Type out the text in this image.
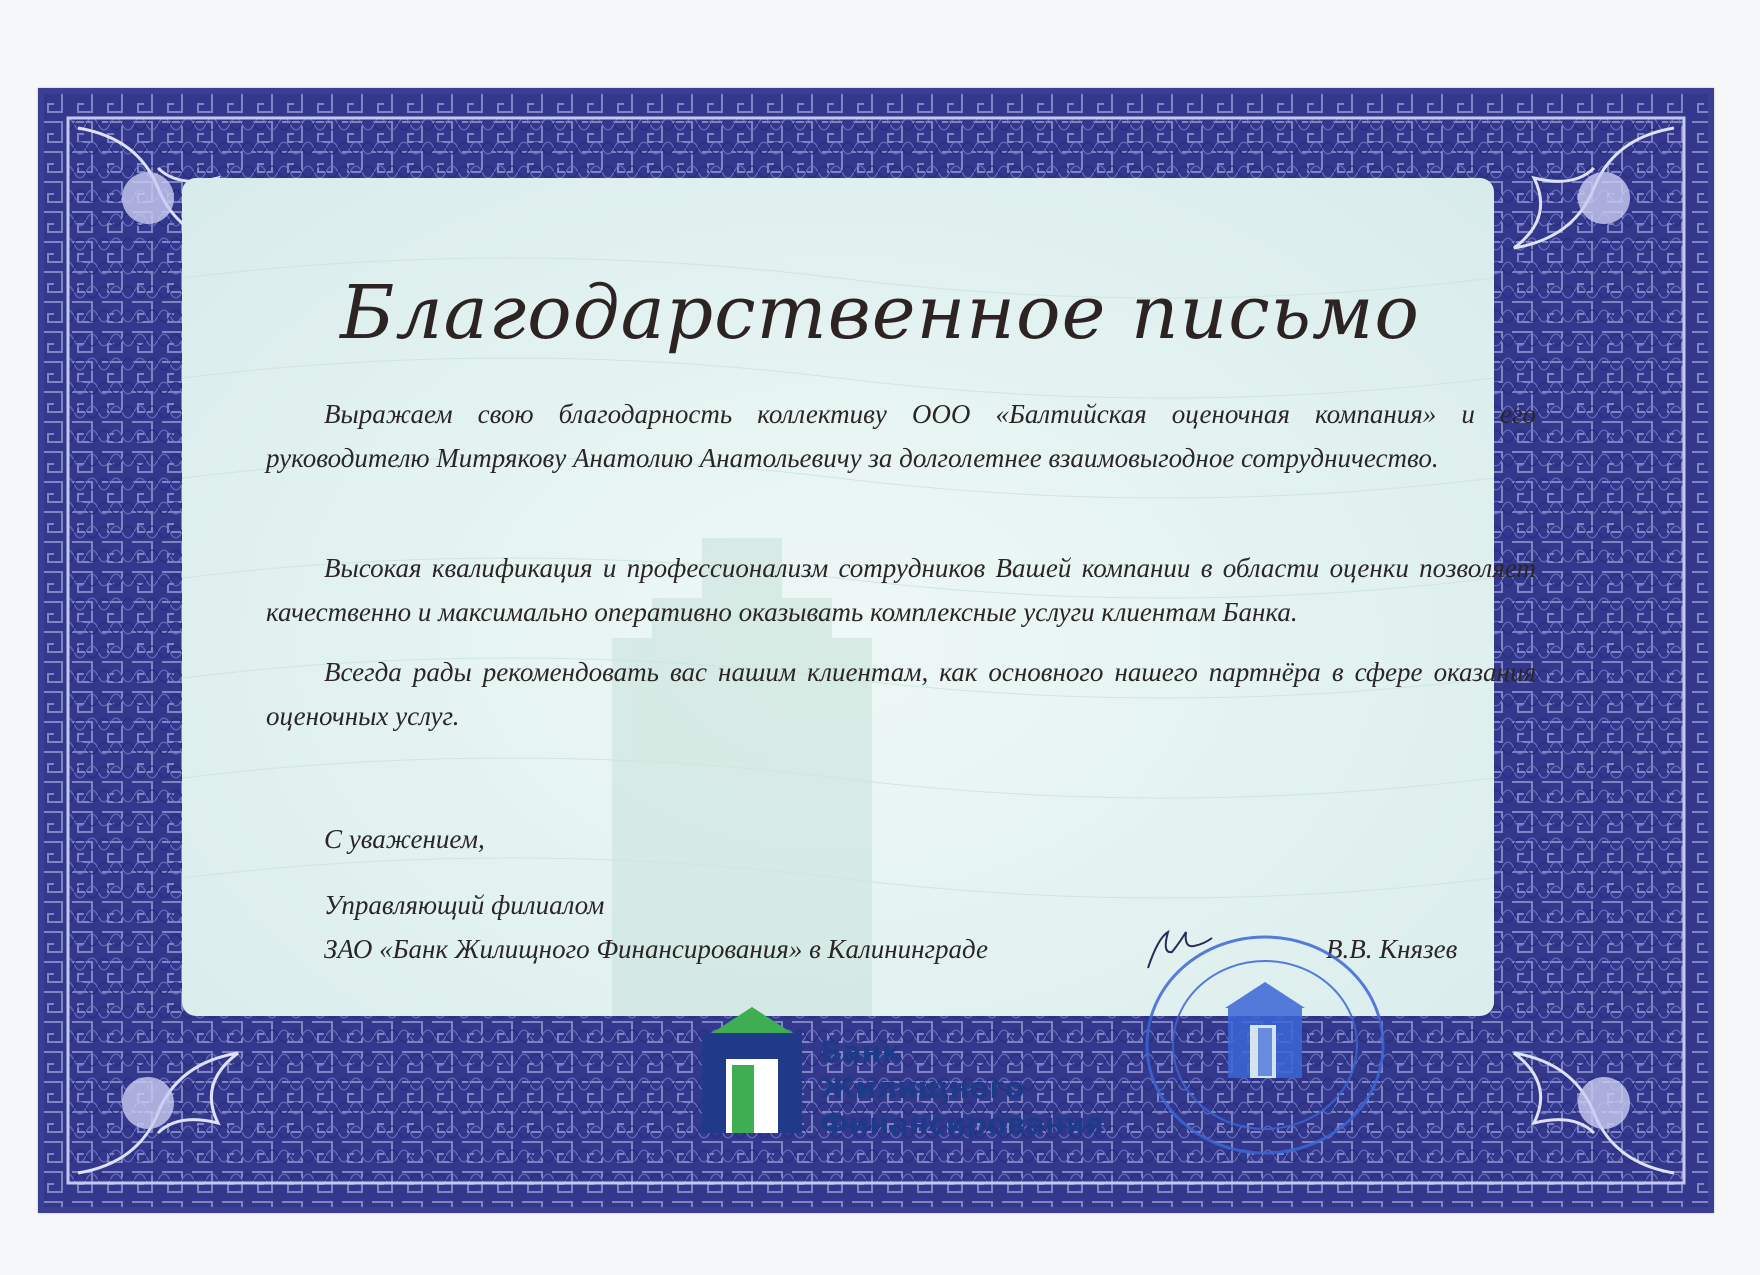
Благодарственное письмо
Выражаем свою благодарность коллективу ООО «Балтийская оценочная компания» и его руководителю Митрякову Анатолию Анатольевичу за долголетнее взаимовыгодное сотрудничество.
Высокая квалификация и профессионализм сотрудников Вашей компании в области оценки позволяет качественно и максимально оперативно оказывать комплексные услуги клиентам Банка.
Всегда рады рекомендовать вас нашим клиентам, как основного нашего партнёра в сфере оказания оценочных услуг.
С уважением,
Управляющий филиалом
ЗАО «Банк Жилищного Финансирования» в Калининграде	В.В. Князев
Банк
Жилищного
Финансирования
